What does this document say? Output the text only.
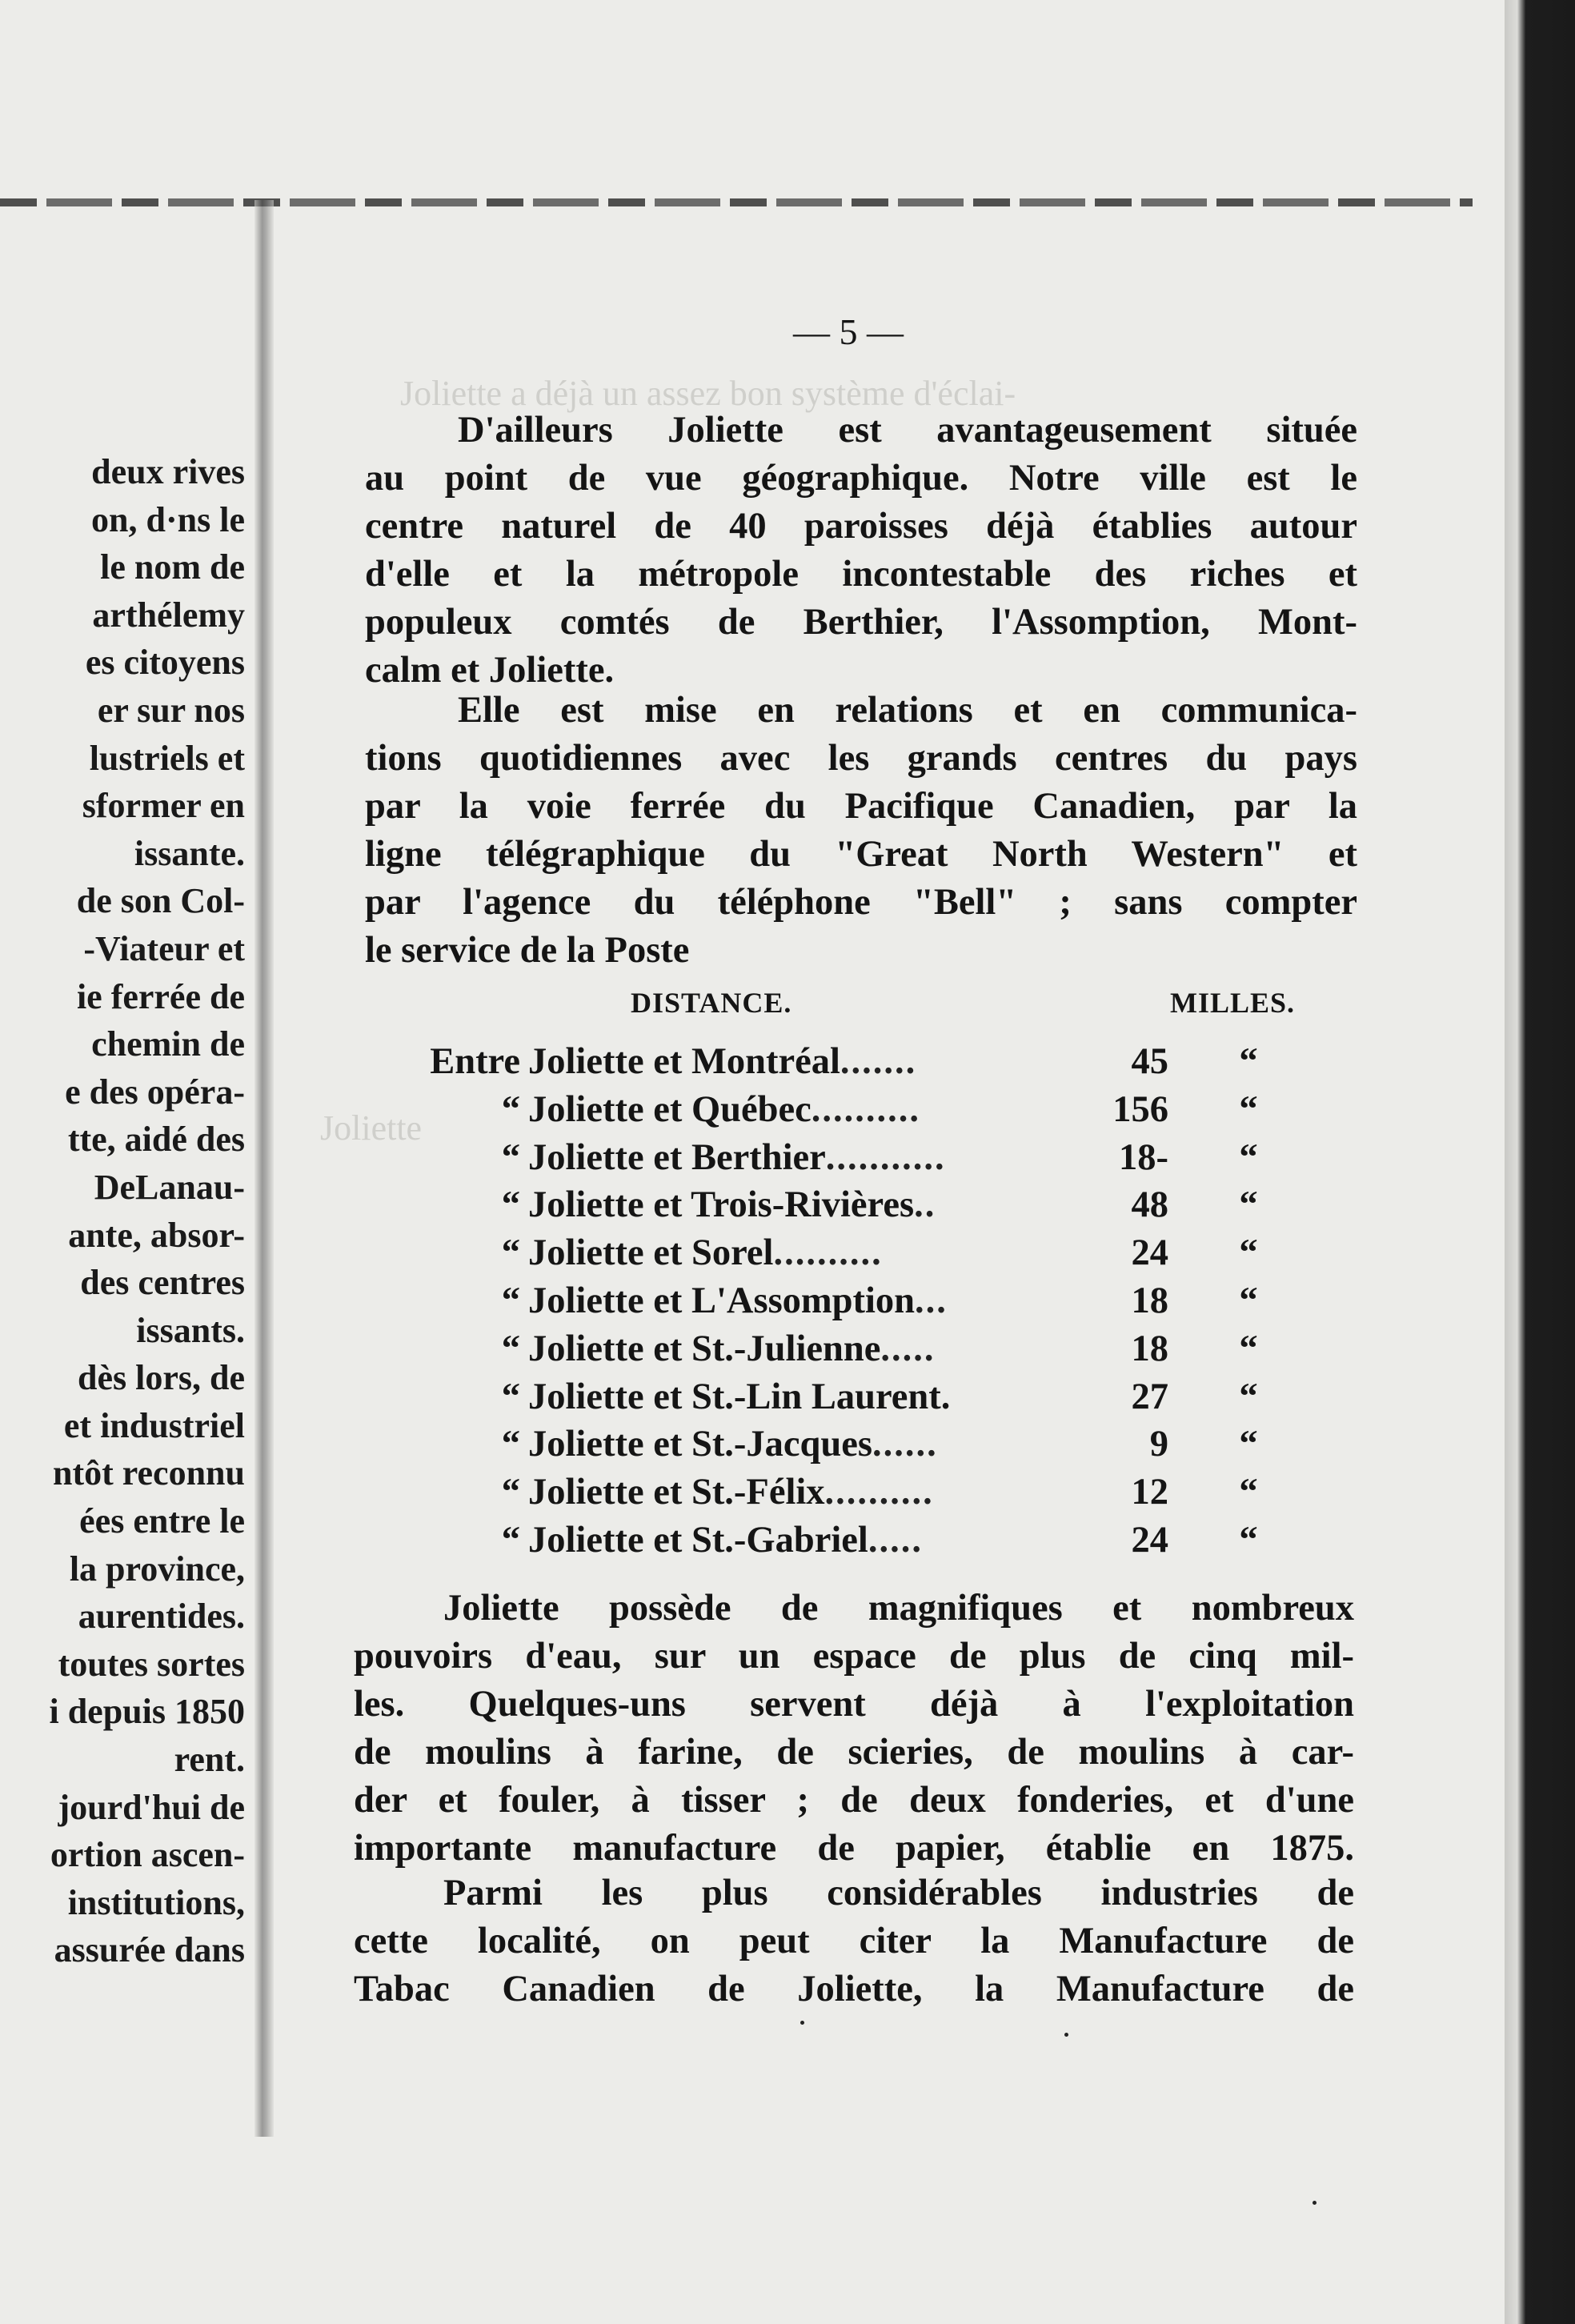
Joliette a déjà un assez bon système d'éclai-
Joliette
deux rives
on, d·ns le
le nom de
arthélemy
es citoyens
er sur nos
lustriels et
sformer en
issante.
de son Col-
-Viateur et
ie ferrée de
chemin de
e des opéra-
tte, aidé des
DeLanau-
ante, absor-
des centres
issants.
dès lors, de
et industriel
ntôt reconnu
ées entre le
la province,
aurentides.
toutes sortes
i depuis 1850
rent.
jourd'hui de
ortion ascen-
institutions,
assurée dans
— 5 —
D'ailleurs Joliette est avantageusement située
au point de vue géographique. Notre ville est le
centre naturel de 40 paroisses déjà établies autour
d'elle et la métropole incontestable des riches et
populeux comtés de Berthier, l'Assomption, Mont-
calm et Joliette.
Elle est mise en relations et en communica-
tions quotidiennes avec les grands centres du pays
par la voie ferrée du Pacifique Canadien, par la
ligne télégraphique du "Great North Western" et
par l'agence du téléphone "Bell" ; sans compter
le service de la Poste
DISTANCE.	MILLES.
Entre Joliette et Montréal.......	45	“
“ Joliette et Québec..........	156	“
“ Joliette et Berthier...........	18-	“
“ Joliette et Trois-Rivières..	48	“
“ Joliette et Sorel..........	24	“
“ Joliette et L'Assomption...	18	“
“ Joliette et St.-Julienne.....	18	“
“ Joliette et St.-Lin Laurent.	27	“
“ Joliette et St.-Jacques......	9	“
“ Joliette et St.-Félix..........	12	“
“ Joliette et St.-Gabriel.....	24	“
Joliette possède de magnifiques et nombreux
pouvoirs d'eau, sur un espace de plus de cinq mil-
les. Quelques-uns servent déjà à l'exploitation
de moulins à farine, de scieries, de moulins à car-
der et fouler, à tisser ; de deux fonderies, et d'une
importante manufacture de papier, établie en 1875.
Parmi les plus considérables industries de
cette localité, on peut citer la Manufacture de
Tabac Canadien de Joliette, la Manufacture de
